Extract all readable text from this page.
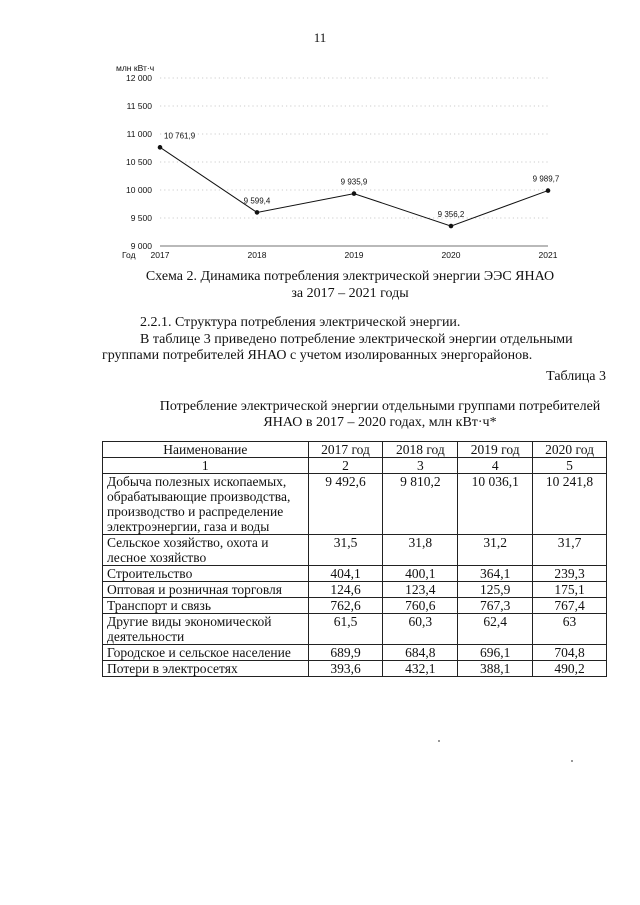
11
млн кВт·ч
9 000
9 500
10 000
10 500
11 000
11 500
12 000
2017	2018	2019	2020	2021
Год
10 761,9
9 599,4
9 935,9
9 356,2
9 989,7
Схема 2. Динамика потребления электрической энергии ЭЭС ЯНАО
за 2017 – 2021 годы
2.2.1. Структура потребления электрической энергии.
В таблице 3 приведено потребление электрической энергии отдельными
группами потребителей ЯНАО с учетом изолированных энергорайонов.
Таблица 3
Потребление электрической энергии отдельными группами потребителей
ЯНАО в 2017 – 2020 годах, млн кВт·ч*
Наименование	2017 год	2018 год	2019 год	2020 год
1	2	3	4	5
Добыча полезных ископаемых, обрабатывающие производства, производство и распределение электроэнергии, газа и воды	9 492,6	9 810,2	10 036,1	10 241,8
Сельское хозяйство, охота и лесное хозяйство	31,5	31,8	31,2	31,7
Строительство	404,1	400,1	364,1	239,3
Оптовая и розничная торговля	124,6	123,4	125,9	175,1
Транспорт и связь	762,6	760,6	767,3	767,4
Другие виды экономической деятельности	61,5	60,3	62,4	63
Городское и сельское население	689,9	684,8	696,1	704,8
Потери в электросетях	393,6	432,1	388,1	490,2
